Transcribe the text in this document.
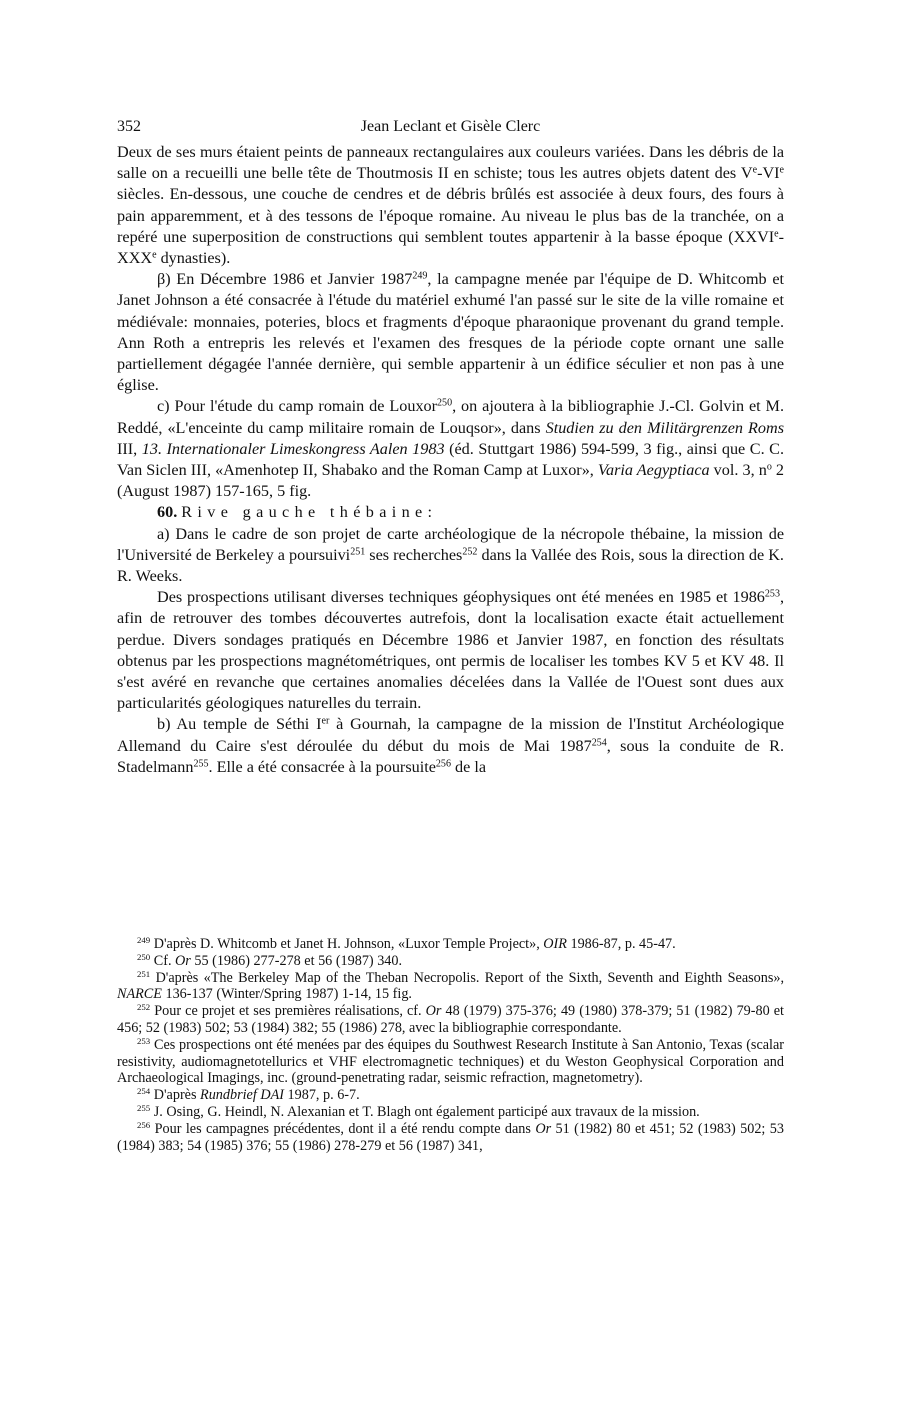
352	Jean Leclant et Gisèle Clerc

Deux de ses murs étaient peints de panneaux rectangulaires aux couleurs variées. Dans les débris de la salle on a recueilli une belle tête de Thoutmosis II en schiste; tous les autres objets datent des Ve-VIe siècles. En-dessous, une couche de cendres et de débris brûlés est associée à deux fours, des fours à pain apparemment, et à des tessons de l'époque romaine. Au niveau le plus bas de la tranchée, on a repéré une superposition de constructions qui semblent toutes appartenir à la basse époque (XXVIe-XXXe dynasties).

β) En Décembre 1986 et Janvier 1987$^{249}$, la campagne menée par l'équipe de D. Whitcomb et Janet Johnson a été consacrée à l'étude du matériel exhumé l'an passé sur le site de la ville romaine et médiévale: monnaies, poteries, blocs et fragments d'époque pharaonique provenant du grand temple. Ann Roth a entrepris les relevés et l'examen des fresques de la période copte ornant une salle partiellement dégagée l'année dernière, qui semble appartenir à un édifice séculier et non pas à une église.

c) Pour l'étude du camp romain de Louxor$^{250}$, on ajoutera à la bibliographie J.-Cl. Golvin et M. Reddé, «L'enceinte du camp militaire romain de Louqsor», dans Studien zu den Militärgrenzen Roms III, 13. Internationaler Limeskongress Aalen 1983 (éd. Stuttgart 1986) 594-599, 3 fig., ainsi que C. C. Van Siclen III, «Amenhotep II, Shabako and the Roman Camp at Luxor», Varia Aegyptiaca vol. 3, $n^o$ 2 (August 1987) 157-165, 5 fig.

60. Rive gauche thébaine:

a) Dans le cadre de son projet de carte archéologique de la nécropole thébaine, la mission de l'Université de Berkeley a poursuivi$^{251}$ ses recherches$^{252}$ dans la Vallée des Rois, sous la direction de K. R. Weeks.

Des prospections utilisant diverses techniques géophysiques ont été menées en 1985 et 1986$^{253}$, afin de retrouver des tombes découvertes autrefois, dont la localisation exacte était actuellement perdue. Divers sondages pratiqués en Décembre 1986 et Janvier 1987, en fonction des résultats obtenus par les prospections magnétométriques, ont permis de localiser les tombes KV 5 et KV 48. Il s'est avéré en revanche que certaines anomalies décelées dans la Vallée de l'Ouest sont dues aux particularités géologiques naturelles du terrain.

b) Au temple de Séthi Ier à Gournah, la campagne de la mission de l'Institut Archéologique Allemand du Caire s'est déroulée du début du mois de Mai 1987$^{254}$, sous la conduite de R. Stadelmann$^{255}$. Elle a été consacrée à la poursuite$^{256}$ de la

$^{249}$ D'après D. Whitcomb et Janet H. Johnson, «Luxor Temple Project», OIR 1986-87, p. 45-47.

$^{250}$ Cf. Or 55 (1986) 277-278 et 56 (1987) 340.

$^{251}$ D'après «The Berkeley Map of the Theban Necropolis. Report of the Sixth, Seventh and Eighth Seasons», NARCE 136-137 (Winter/Spring 1987) 1-14, 15 fig.

$^{252}$ Pour ce projet et ses premières réalisations, cf. Or 48 (1979) 375-376; 49 (1980) 378-379; 51 (1982) 79-80 et 456; 52 (1983) 502; 53 (1984) 382; 55 (1986) 278, avec la bibliographie correspondante.

$^{253}$ Ces prospections ont été menées par des équipes du Southwest Research Institute à San Antonio, Texas (scalar resistivity, audiomagnetotellurics et VHF electromagnetic techniques) et du Weston Geophysical Corporation and Archaeological Imagings, inc. (ground-penetrating radar, seismic refraction, magnetometry).

$^{254}$ D'après Rundbrief DAI 1987, p. 6-7.

$^{255}$ J. Osing, G. Heindl, N. Alexanian et T. Blagh ont également participé aux travaux de la mission.

$^{256}$ Pour les campagnes précédentes, dont il a été rendu compte dans Or 51 (1982) 80 et 451; 52 (1983) 502; 53 (1984) 383; 54 (1985) 376; 55 (1986) 278-279 et 56 (1987) 341,
